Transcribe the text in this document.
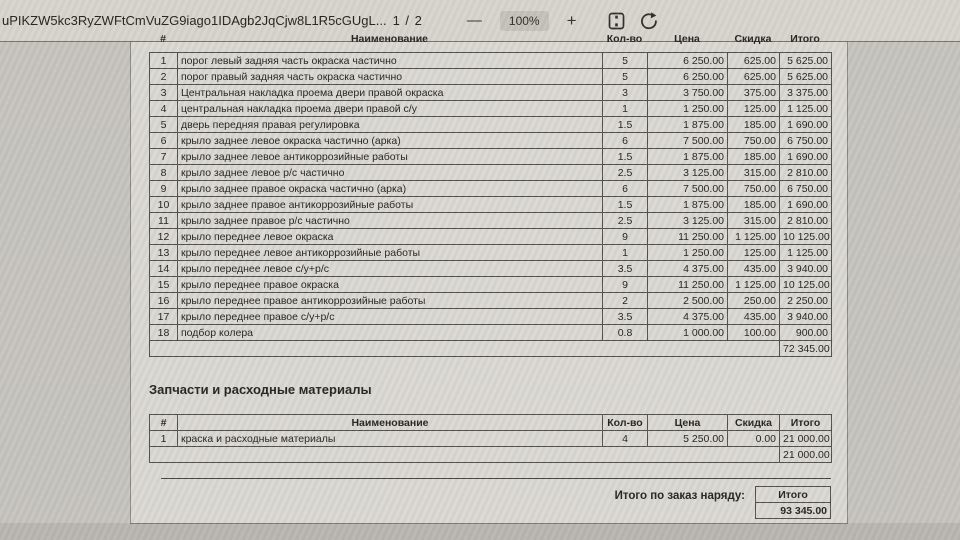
uPIKZW5kc3RyZWFtCmVuZG9iago1IDAgb2JqCjw8L1R5cGUgL... 1 / 2	—	100%	+
#	Наименование	Кол-во	Цена	Скидка	Итого
1	порог левый задняя часть окраска частично	5	6 250.00	625.00	5 625.00
2	порог правый задняя часть окраска частично	5	6 250.00	625.00	5 625.00
3	Центральная накладка проема двери правой окраска	3	3 750.00	375.00	3 375.00
4	центральная накладка проема двери правой с/у	1	1 250.00	125.00	1 125.00
5	дверь передняя правая регулировка	1.5	1 875.00	185.00	1 690.00
6	крыло заднее левое окраска частично (арка)	6	7 500.00	750.00	6 750.00
7	крыло заднее левое антикоррозийные работы	1.5	1 875.00	185.00	1 690.00
8	крыло заднее левое р/с частично	2.5	3 125.00	315.00	2 810.00
9	крыло заднее правое окраска частично (арка)	6	7 500.00	750.00	6 750.00
10	крыло заднее правое антикоррозийные работы	1.5	1 875.00	185.00	1 690.00
11	крыло заднее правое р/с частично	2.5	3 125.00	315.00	2 810.00
12	крыло переднее левое окраска	9	11 250.00	1 125.00	10 125.00
13	крыло переднее левое антикоррозийные работы	1	1 250.00	125.00	1 125.00
14	крыло переднее левое с/у+р/с	3.5	4 375.00	435.00	3 940.00
15	крыло переднее правое окраска	9	11 250.00	1 125.00	10 125.00
16	крыло переднее правое антикоррозийные работы	2	2 500.00	250.00	2 250.00
17	крыло переднее правое с/у+р/с	3.5	4 375.00	435.00	3 940.00
18	подбор колера	0.8	1 000.00	100.00	900.00
					72 345.00
Запчасти и расходные материалы
#	Наименование	Кол-во	Цена	Скидка	Итого
1	краска и расходные материалы	4	5 250.00	0.00	21 000.00
					21 000.00
Итого по заказ наряду:	Итого
93 345.00
